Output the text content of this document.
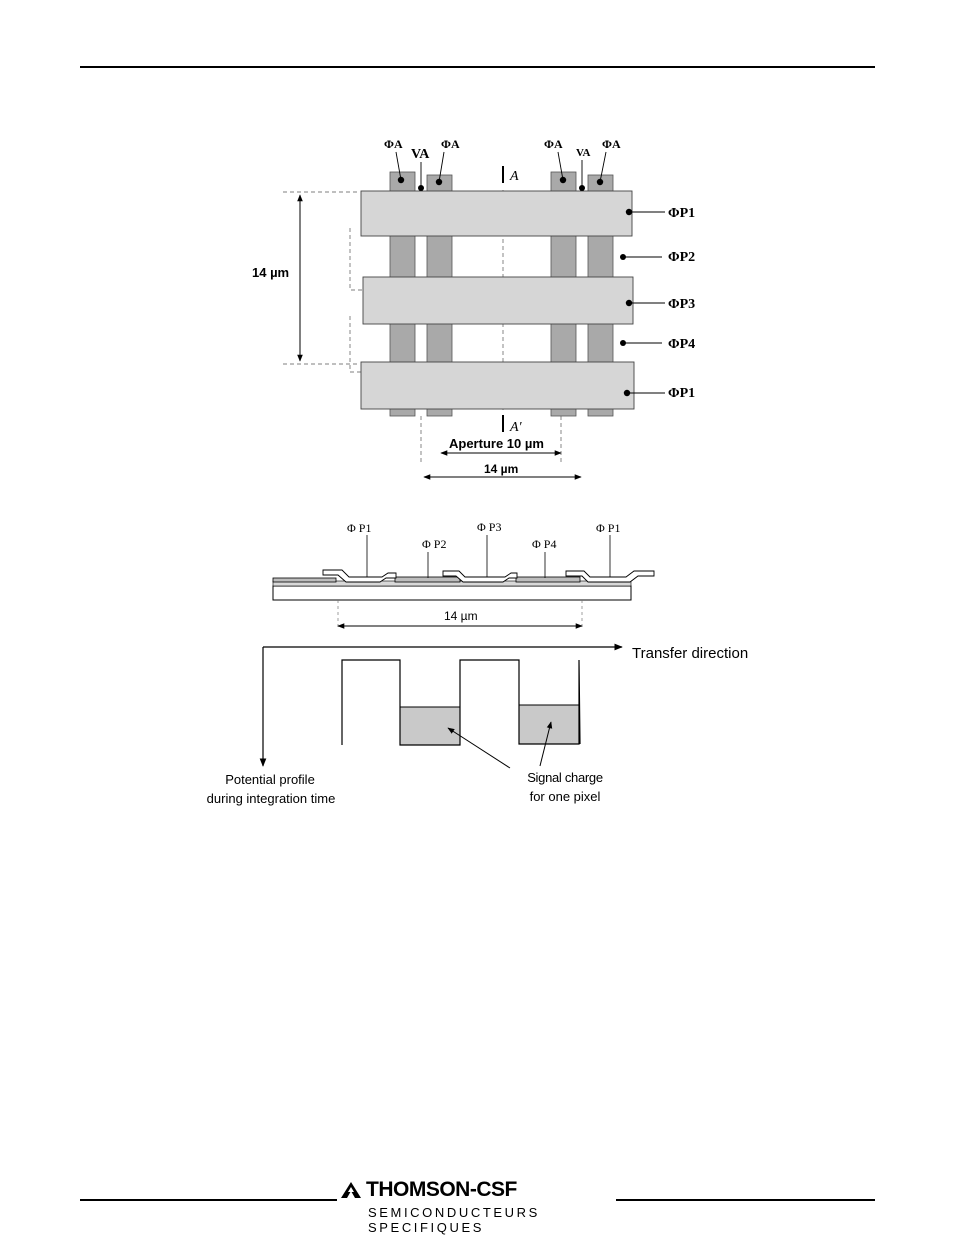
ΦA
VA
ΦA	ΦA
VA
ΦA
A
A′
ΦP1
ΦP2
ΦP3
ΦP4
ΦP1
14 µm
Aperture 10 µm
14 µm
Φ P1
Φ P2
Φ P3
Φ P4
Φ P1
14 µm
Transfer direction
Potential profile
during integration time
Signal charge
for one pixel
THOMSON-CSF
SEMICONDUCTEURS SPECIFIQUES
